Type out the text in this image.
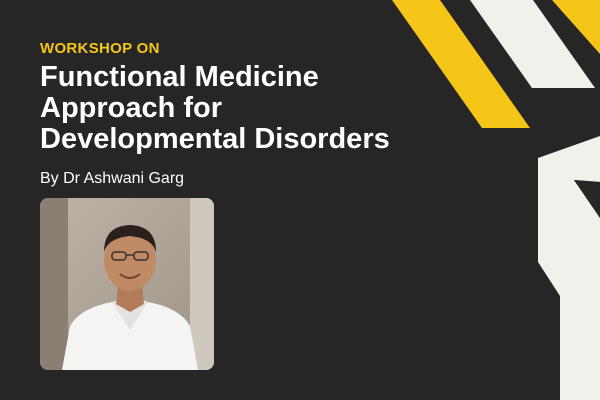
WORKSHOP ON
Functional Medicine
Approach for
Developmental Disorders
By Dr Ashwani Garg
